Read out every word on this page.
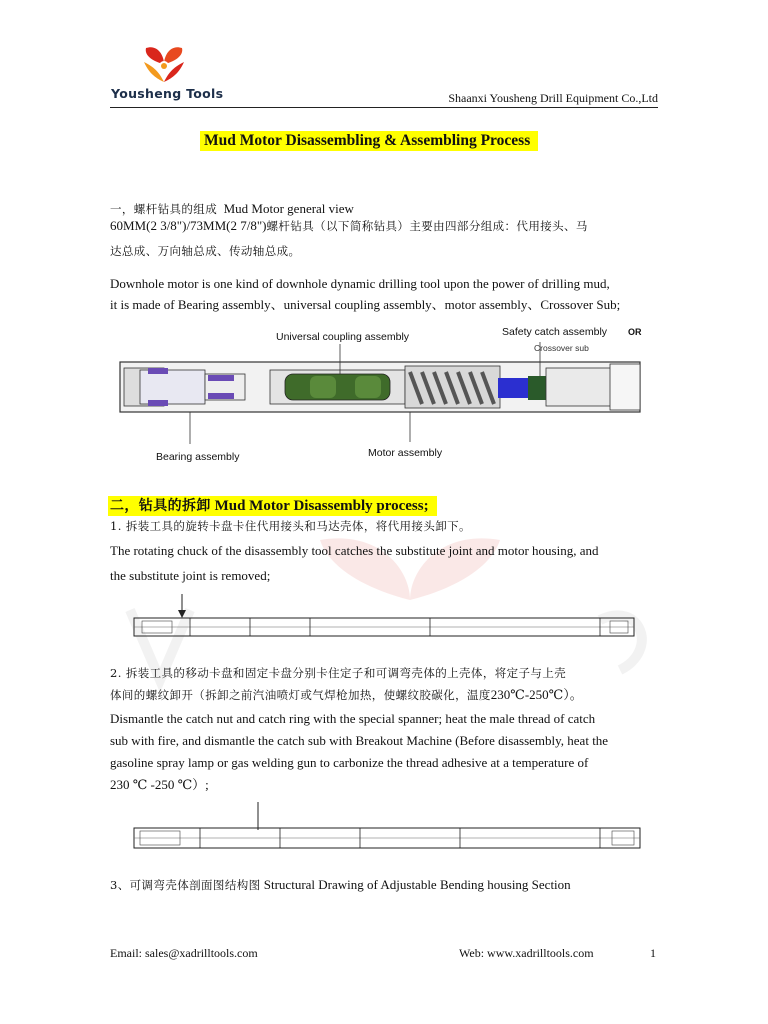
Yousheng Tools	Shaanxi Yousheng Drill Equipment Co.,Ltd
Mud Motor Disassembling & Assembling Process
一，螺杆钻具的组成 Mud Motor general view
60MM(2 3/8")/73MM(2 7/8")螺杆钻具（以下简称钻具）主要由四部分组成：代用接头、马
达总成、万向轴总成、传动轴总成。
Downhole motor is one kind of downhole dynamic drilling tool upon the power of drilling mud,
it is made of Bearing assembly、universal coupling assembly、motor assembly、Crossover Sub;
Universal coupling assembly	Safety catch assembly OR
Crossover sub
Bearing assembly	Motor assembly
二，钻具的拆卸 Mud Motor Disassembly process;
1. 拆装工具的旋转卡盘卡住代用接头和马达壳体，将代用接头卸下。
The rotating chuck of the disassembly tool catches the substitute joint and motor housing, and
the substitute joint is removed;
2. 拆装工具的移动卡盘和固定卡盘分别卡住定子和可调弯壳体的上壳体，将定子与上壳
体间的螺纹卸开（拆卸之前汽油喷灯或气焊枪加热，使螺纹胶碳化，温度230℃-250℃）。
Dismantle the catch nut and catch ring with the special spanner; heat the male thread of catch
sub with fire, and dismantle the catch sub with Breakout Machine (Before disassembly, heat the
gasoline spray lamp or gas welding gun to carbonize the thread adhesive at a temperature of
230 ℃ -250 ℃）;
3、可调弯壳体剖面图结构图 Structural Drawing of Adjustable Bending housing Section
Email: sales@xadrilltools.com	Web: www.xadrilltools.com	1
